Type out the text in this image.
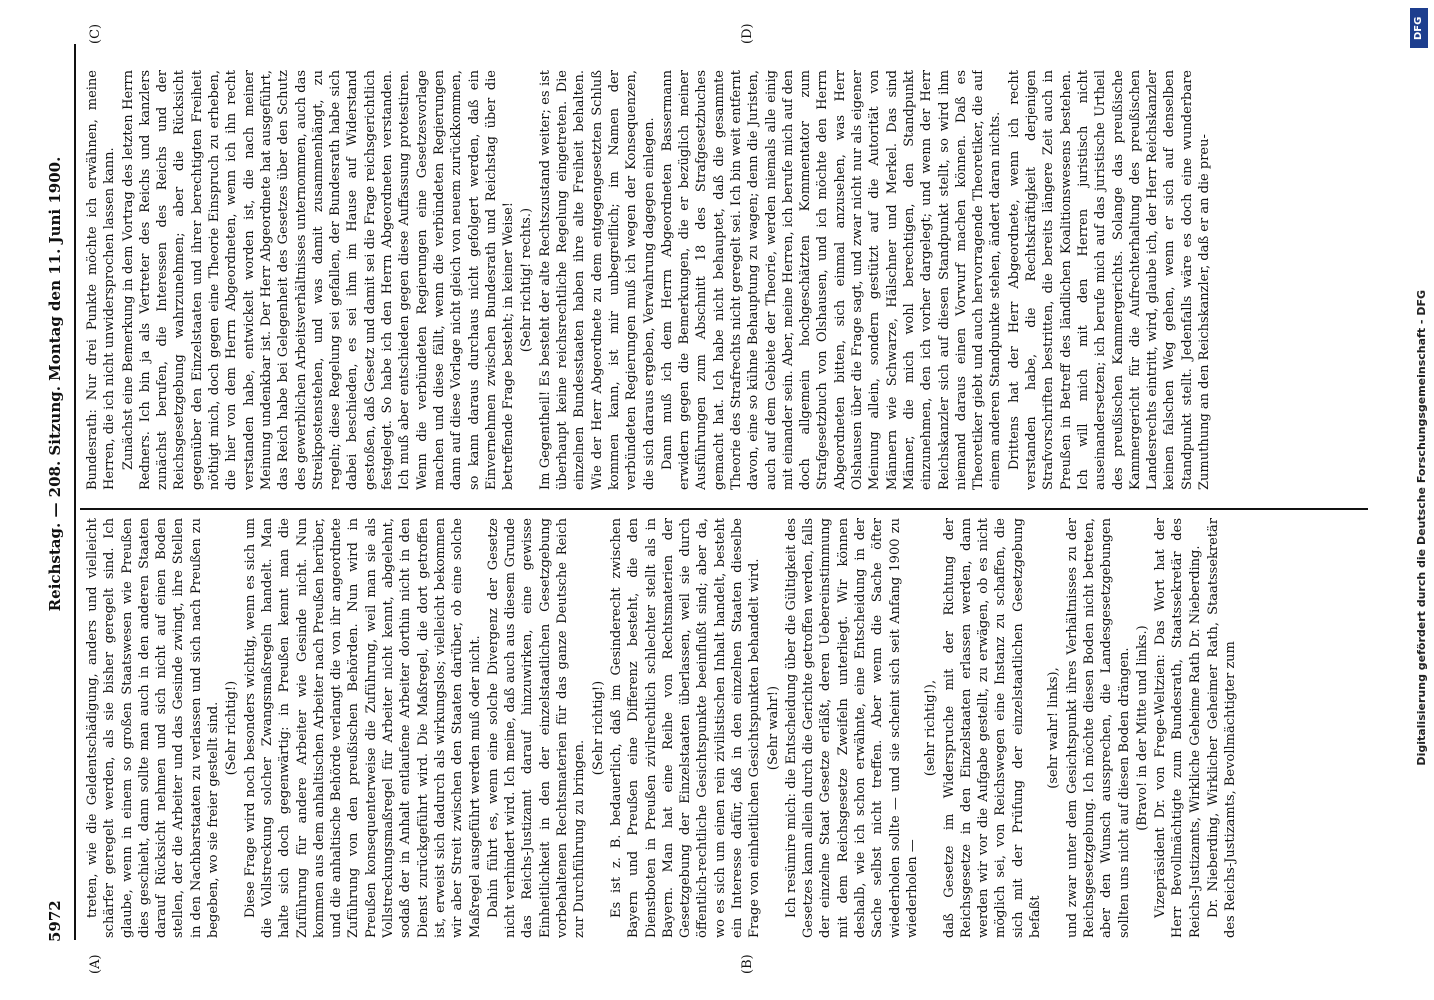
5972
Reichstag. — 208. Sitzung. Montag den 11. Juni 1900.
(A)	(B)
(C)	(D)

treten, wie die Geldentschädigung, anders und vielleicht schärfer geregelt werden, als sie bisher geregelt sind. Ich glaube, wenn in einem so großen Staatswesen wie Preußen dies geschieht, dann sollte man auch in den anderen Staaten darauf Rücksicht nehmen und sich nicht auf einen Boden stellen, der die Arbeiter und das Gesinde zwingt, ihre Stellen in den Nachbarstaaten zu verlassen und sich nach Preußen zu begeben, wo sie freier gestellt sind. (Sehr richtig!) Diese Frage wird noch besonders wichtig, wenn es sich um die Vollstreckung solcher Zwangsmaßregeln handelt. Man halte sich doch gegenwärtig: in Preußen kennt man die Zuführung für andere Arbeiter wie Gesinde nicht. Nun kommen aus dem anhaltischen Arbeiter nach Preußen herüber, und die anhaltische Behörde verlangt die von ihr angeordnete Zuführung von den preußischen Behörden. Nun wird in Preußen konsequenterweise die Zuführung, weil man sie als Vollstreckungsmaßregel für Arbeiter nicht kennt, abgelehnt, sodaß der in Anhalt entlaufene Arbeiter dorthin nicht in den Dienst zurückgeführt wird. Die Maßregel, die dort getroffen ist, erweist sich dadurch als wirkungslos; vielleicht bekommen wir aber Streit zwischen den Staaten darüber, ob eine solche Maßregel ausgeführt werden muß oder nicht. Dahin führt es, wenn eine solche Divergenz der Gesetze nicht verhindert wird. Ich meine, daß auch aus diesem Grunde das Reichs-Justizamt darauf hinzuwirken, eine gewisse Einheitlichkeit in den der einzelstaatlichen Gesetzgebung vorbehaltenen Rechtsmaterien für das ganze Deutsche Reich zur Durchführung zu bringen.

(Sehr richtig!) Es ist z. B. bedauerlich, daß im Gesinderecht zwischen Bayern und Preußen eine Differenz besteht, die den Dienstboten in Preußen zivilrechtlich schlechter stellt als in Bayern. Man hat eine Reihe von Rechtsmaterien der Gesetzgebung der Einzelstaaten überlassen, weil sie durch öffentlich-rechtliche Gesichtspunkte beeinflußt sind; aber da, wo es sich um einen rein zivilistischen Inhalt handelt, besteht ein Interesse dafür, daß in den einzelnen Staaten dieselbe Frage von einheitlichen Gesichtspunkten behandelt wird. (Sehr wahr!) Ich resümire mich: die Entscheidung über die Gültigkeit des Gesetzes kann allein durch die Gerichte getroffen werden, falls der einzelne Staat Gesetze erläßt, deren Uebereinstimmung mit dem Reichsgesetze Zweifeln unterliegt. Wir können deshalb, wie ich schon erwähnte, eine Entscheidung in der Sache selbst nicht treffen. Aber wenn die Sache öfter wiederholen sollte — und sie scheint sich seit Anfang 1900 zu wiederholen —

(sehr richtig!), daß Gesetze im Widerspruche mit der Richtung der Reichsgesetze in den Einzelstaaten erlassen werden, dann werden wir vor die Aufgabe gestellt, zu erwägen, ob es nicht möglich sei, von Reichswegen eine Instanz zu schaffen, die sich mit der Prüfung der einzelstaatlichen Gesetzgebung befaßt

(sehr wahr! links), und zwar unter dem Gesichtspunkt ihres Verhältnisses zu der Reichsgesetzgebung. Ich möchte diesen Boden nicht betreten, aber den Wunsch aussprechen, die Landesgesetzgebungen sollten uns nicht auf diesen Boden drängen. (Bravo! in der Mitte und links.) Vizepräsident Dr. von Frege-Weltzien: Das Wort hat der Herr Bevollmächtigte zum Bundesrath, Staatssekretär des Reichs-Justizamts, Wirkliche Geheime Rath Dr. Nieberding. Dr. Nieberding, Wirklicher Geheimer Rath, Staatssekretär des Reichs-Justizamts, Bevollmächtigter zum

Bundesrath: Nur drei Punkte möchte ich erwähnen, meine Herren, die ich nicht unwidersprochen lassen kann. Zunächst eine Bemerkung in dem Vortrag des letzten Herrn Redners. Ich bin ja als Vertreter des Reichs und kanzlers zunächst berufen, die Interessen des Reichs und der Reichsgesetzgebung wahrzunehmen; aber die Rücksicht gegenüber den Einzelstaaten und ihrer berechtigten Freiheit nöthigt mich, doch gegen eine Theorie Einspruch zu erheben, die hier von dem Herrn Abgeordneten, wenn ich ihn recht verstanden habe, entwickelt worden ist, die nach meiner Meinung undenkbar ist. Der Herr Abgeordnete hat ausgeführt, das Reich habe bei Gelegenheit des Gesetzes über den Schutz des gewerblichen Arbeitsverhältnisses unternommen, auch das Streikpostenstehen, und was damit zusammenhängt, zu regeln; diese Regelung sei gefallen, der Bundesrath habe sich dabei beschieden, es sei ihm im Hause auf Widerstand gestoßen, daß Gesetz und damit sei die Frage reichsgerichtlich festgelegt. So habe ich den Herrn Abgeordneten verstanden. Ich muß aber entschieden gegen diese Auffassung protestiren. Wenn die verbündeten Regierungen eine Gesetzesvorlage machen und diese fällt, wenn die verbündeten Regierungen dann auf diese Vorlage nicht gleich von neuem zurückkommen, so kann daraus durchaus nicht gefolgert werden, daß ein Einvernehmen zwischen Bundesrath und Reichstag über die betreffende Frage besteht; in keiner Weise! (Sehr richtig! rechts.) Im Gegentheil! Es besteht der alte Rechtszustand weiter; es ist überhaupt keine reichsrechtliche Regelung eingetreten. Die einzelnen Bundesstaaten haben ihre alte Freiheit behalten. Wie der Herr Abgeordnete zu dem entgegengesetzten Schluß kommen kann, ist mir unbegreiflich; im Namen der verbündeten Regierungen muß ich wegen der Konsequenzen, die sich daraus ergeben, Verwahrung dagegen einlegen. Dann muß ich dem Herrn Abgeordneten Bassermann erwidern gegen die Bemerkungen, die er bezüglich meiner Ausführungen zum Abschnitt 18 des Strafgesetzbuches gemacht hat. Ich habe nicht behauptet, daß die gesammte Theorie des Strafrechts nicht geregelt sei. Ich bin weit entfernt davon, eine so kühne Behauptung zu wagen; denn die Juristen, auch auf dem Gebiete der Theorie, werden niemals alle einig mit einander sein. Aber, meine Herren, ich berufe mich auf den doch allgemein hochgeschätzten Kommentator zum Strafgesetzbuch von Olshausen, und ich möchte den Herrn Abgeordneten bitten, sich einmal anzusehen, was Herr Olshausen über die Frage sagt, und zwar nicht nur als eigener Meinung allein, sondern gestützt auf die Autorität von Männern wie Schwarze, Hälschner und Merkel. Das sind Männer, die mich wohl berechtigen, den Standpunkt einzunehmen, den ich vorher dargelegt; und wenn der Herr Reichskanzler sich auf diesen Standpunkt stellt, so wird ihm niemand daraus einen Vorwurf machen können. Daß es Theoretiker giebt und auch hervorragende Theoretiker, die auf einem anderen Standpunkte stehen, ändert daran nichts. Drittens hat der Herr Abgeordnete, wenn ich recht verstanden habe, die Rechtskräftigkeit derjenigen Strafvorschriften bestritten, die bereits längere Zeit auch in Preußen in Betreff des ländlichen Koalitionswesens bestehen. Ich will mich mit den Herren juristisch nicht auseinandersetzen; ich berufe mich auf das juristische Urtheil des preußischen Kammergerichts. Solange das preußische Kammergericht für die Aufrechterhaltung des preußischen Landesrechts eintritt, wird, glaube ich, der Herr Reichskanzler keinen falschen Weg gehen, wenn er sich auf denselben Standpunkt stellt. Jedenfalls wäre es doch eine wunderbare Zumuthung an den Reichskanzler, daß er an die preu-

DFG
Digitalisierung gefördert durch die Deutsche Forschungsgemeinschaft - DFG
